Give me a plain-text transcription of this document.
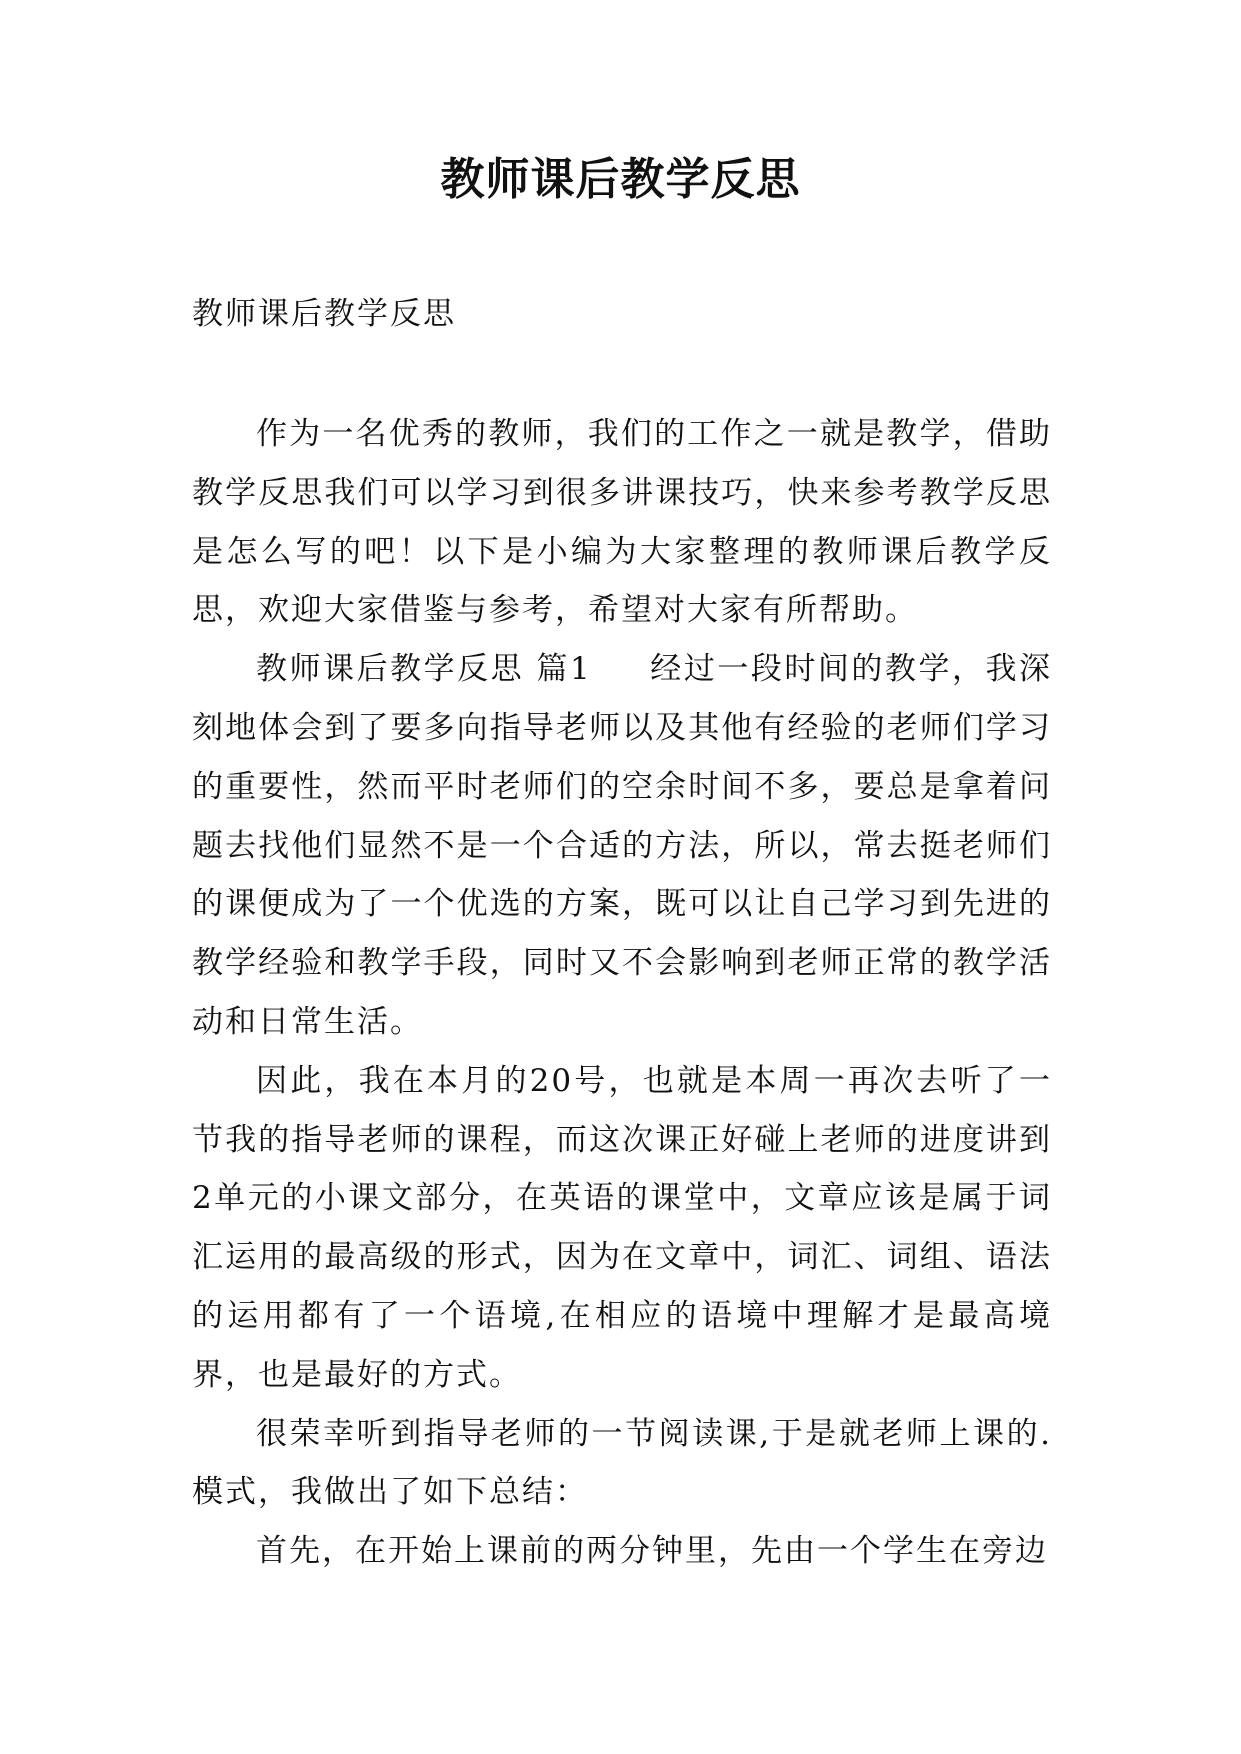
教师课后教学反思
教师课后教学反思

作为一名优秀的教师，我们的工作之一就是教学，借助教学反思我们可以学习到很多讲课技巧，快来参考教学反思是怎么写的吧！以下是小编为大家整理的教师课后教学反思，欢迎大家借鉴与参考，希望对大家有所帮助。

教师课后教学反思 篇1 经过一段时间的教学，我深刻地体会到了要多向指导老师以及其他有经验的老师们学习的重要性，然而平时老师们的空余时间不多，要总是拿着问题去找他们显然不是一个合适的方法，所以，常去挺老师们的课便成为了一个优选的方案，既可以让自己学习到先进的教学经验和教学手段，同时又不会影响到老师正常的教学活动和日常生活。

因此，我在本月的20号，也就是本周一再次去听了一节我的指导老师的课程，而这次课正好碰上老师的进度讲到2单元的小课文部分，在英语的课堂中，文章应该是属于词汇运用的最高级的形式，因为在文章中，词汇、词组、语法的运用都有了一个语境,在相应的语境中理解才是最高境界，也是最好的方式。

很荣幸听到指导老师的一节阅读课,于是就老师上课的.模式，我做出了如下总结：

首先，在开始上课前的两分钟里，先由一个学生在旁边
